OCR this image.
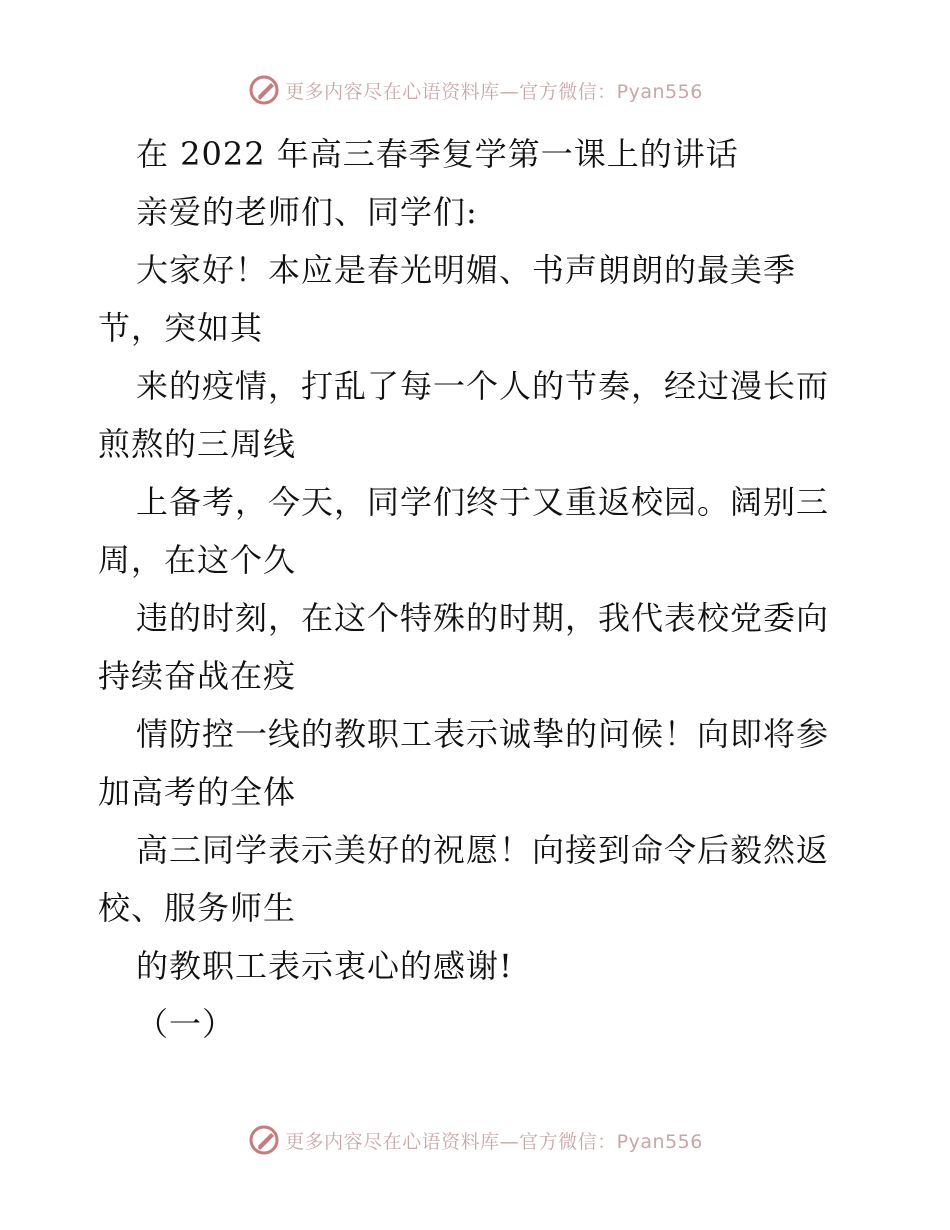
更多内容尽在心语资料库—官方微信：Pyan556
在 2022 年高三春季复学第一课上的讲话
亲爱的老师们、同学们:
大家好！本应是春光明媚、书声朗朗的最美季
节，突如其
来的疫情，打乱了每一个人的节奏，经过漫长而
煎熬的三周线
上备考，今天，同学们终于又重返校园。阔别三
周，在这个久
违的时刻，在这个特殊的时期，我代表校党委向
持续奋战在疫
情防控一线的教职工表示诚挚的问候！向即将参
加高考的全体
高三同学表示美好的祝愿！向接到命令后毅然返
校、服务师生
的教职工表示衷心的感谢!
（一）
更多内容尽在心语资料库—官方微信：Pyan556
